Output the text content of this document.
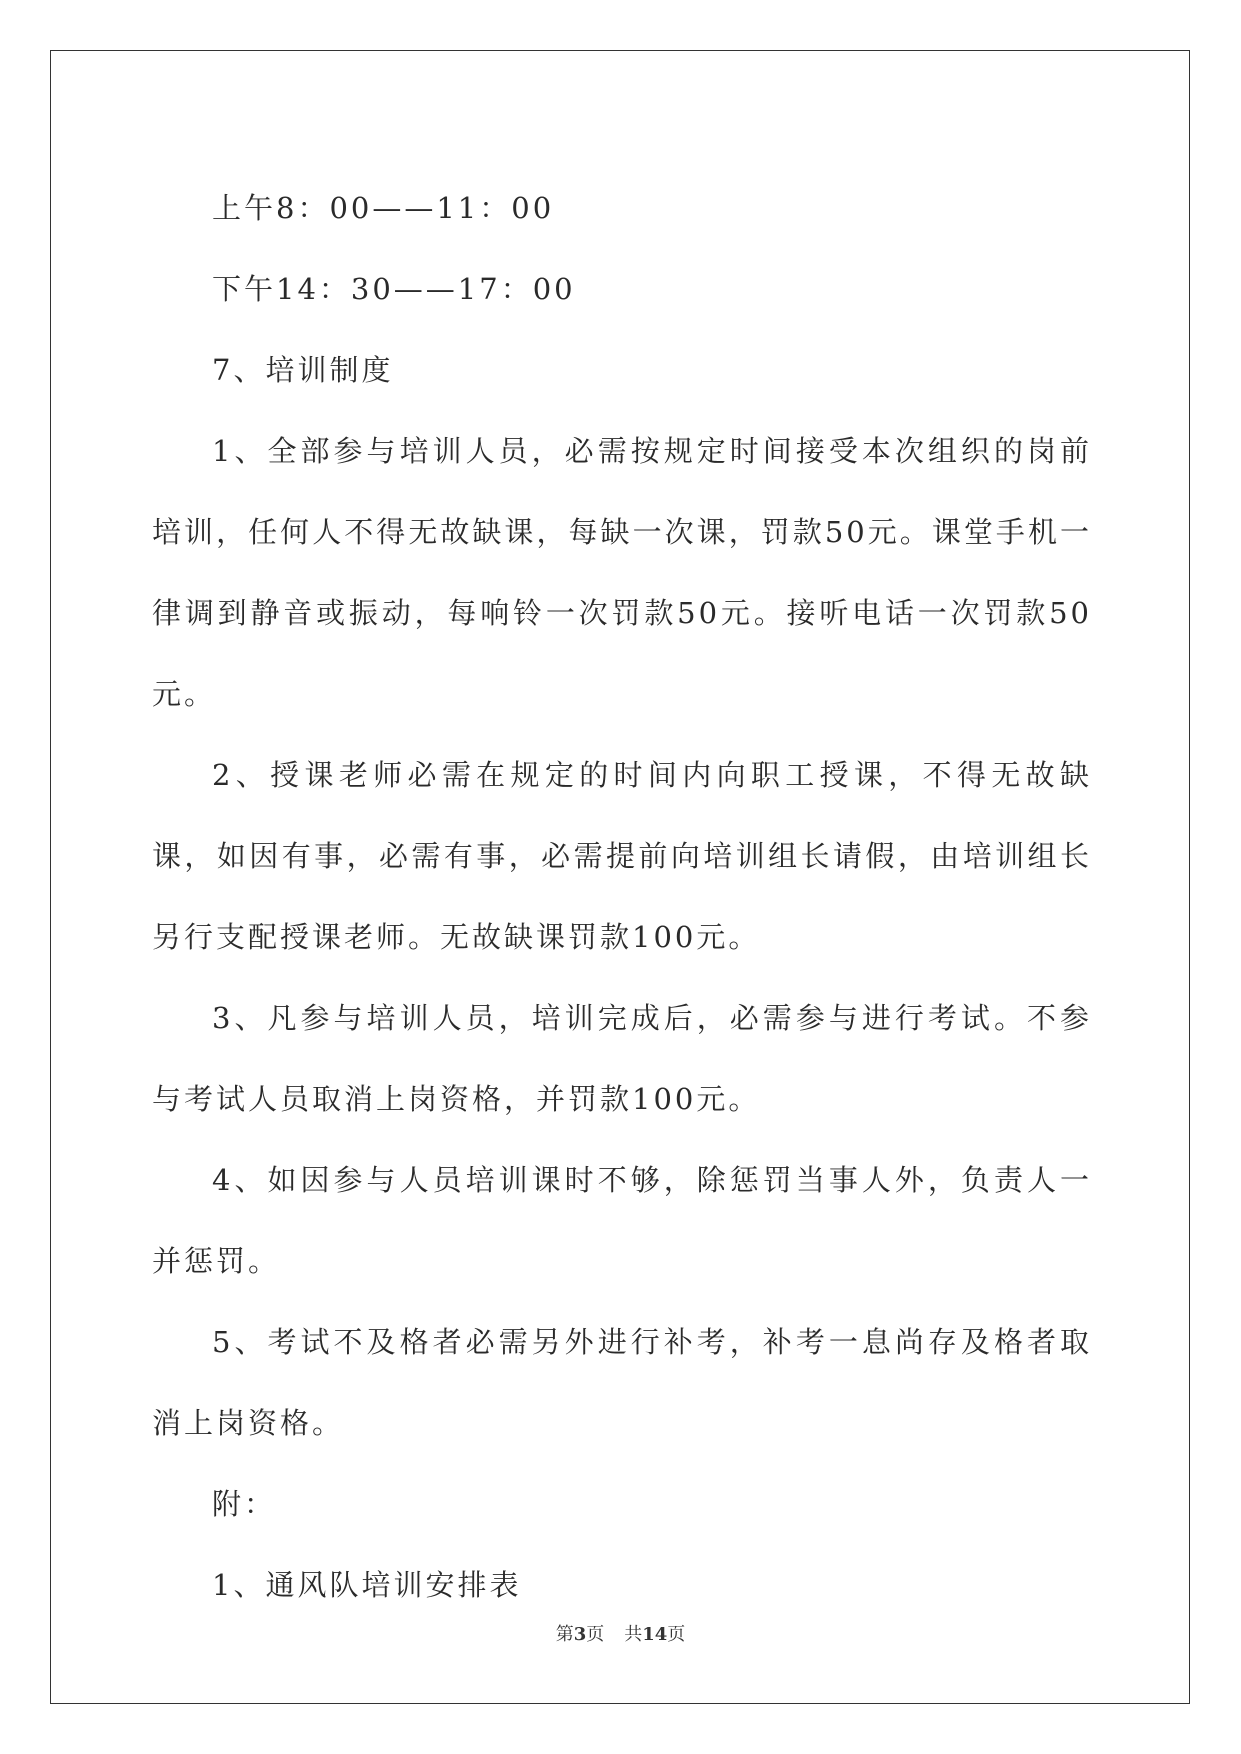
上午8：00——11：00

下午14：30——17：00

7、培训制度

1、全部参与培训人员，必需按规定时间接受本次组织的岗前培训，任何人不得无故缺课，每缺一次课，罚款50元。课堂手机一律调到静音或振动，每响铃一次罚款50元。接听电话一次罚款50元。

2、授课老师必需在规定的时间内向职工授课，不得无故缺课，如因有事，必需有事，必需提前向培训组长请假，由培训组长另行支配授课老师。无故缺课罚款100元。

3、凡参与培训人员，培训完成后，必需参与进行考试。不参与考试人员取消上岗资格，并罚款100元。

4、如因参与人员培训课时不够，除惩罚当事人外，负责人一并惩罚。

5、考试不及格者必需另外进行补考，补考一息尚存及格者取消上岗资格。

附：

1、通风队培训安排表

第3页 共14页
